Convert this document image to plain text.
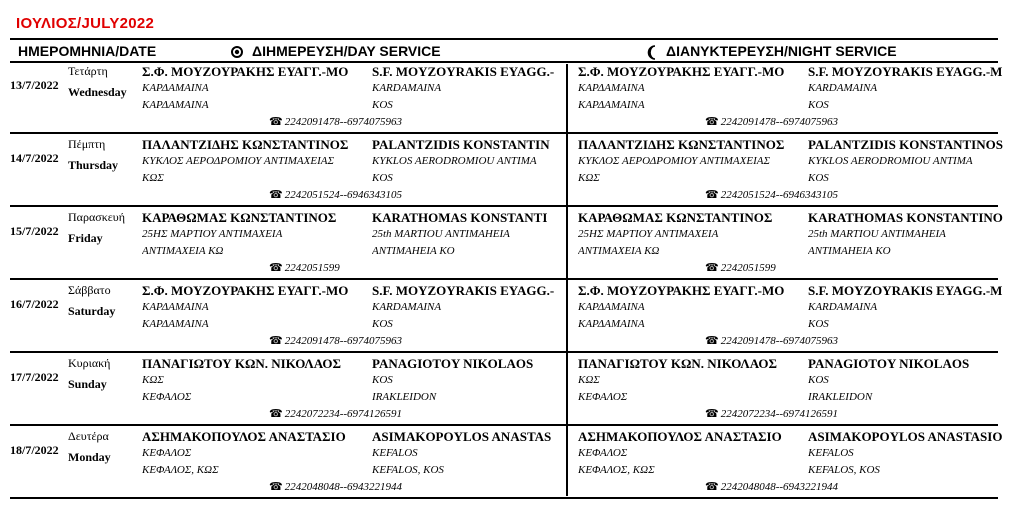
ΙΟΥΛΙΟΣ/JULY2022
ΗΜΕΡΟΜΗΝΙΑ/DATE	ΔΙΗΜΕΡΕΥΣΗ/DAY SERVICE	ΔΙΑΝΥΚΤΕΡΕΥΣΗ/NIGHT SERVICE
13/7/2022
Τετάρτη
Wednesday
Σ.Φ. ΜΟΥΖΟΥΡΑΚΗΣ ΕΥΑΓΓ.-ΜΟ
ΚΑΡΔΑΜΑΙΝΑ
ΚΑΡΔΑΜΑΙΝΑ
S.F. MOYZOYRAKIS EYAGG.-
KARDAMAINA
KOS
☎ 2242091478--6974075963
Σ.Φ. ΜΟΥΖΟΥΡΑΚΗΣ ΕΥΑΓΓ.-ΜΟ
ΚΑΡΔΑΜΑΙΝΑ
ΚΑΡΔΑΜΑΙΝΑ
S.F. MOYZOYRAKIS EYAGG.-M
KARDAMAINA
KOS
☎ 2242091478--6974075963
14/7/2022
Πέμπτη
Thursday
ΠΑΛΑΝΤΖΙΔΗΣ ΚΩΝΣΤΑΝΤΙΝΟΣ
ΚΥΚΛΟΣ ΑΕΡΟΔΡΟΜΙΟΥ ΑΝΤΙΜΑΧΕΙΑΣ
ΚΩΣ
PALANTZIDIS KONSTANTIN
KYKLOS AERODROMIOU ANTIMA
KOS
☎ 2242051524--6946343105
ΠΑΛΑΝΤΖΙΔΗΣ ΚΩΝΣΤΑΝΤΙΝΟΣ
ΚΥΚΛΟΣ ΑΕΡΟΔΡΟΜΙΟΥ ΑΝΤΙΜΑΧΕΙΑΣ
ΚΩΣ
PALANTZIDIS KONSTANTINOS
KYKLOS AERODROMIOU ANTIMA
KOS
☎ 2242051524--6946343105
15/7/2022
Παρασκευή
Friday
ΚΑΡΑΘΩΜΑΣ ΚΩΝΣΤΑΝΤΙΝΟΣ
25ΗΣ ΜΑΡΤΙΟΥ ΑΝΤΙΜΑΧΕΙΑ
ΑΝΤΙΜΑΧΕΙΑ ΚΩ
KARATHOMAS KONSTANTI
25th MARTIOU ANTIMAHEIA
ANTIMAHEIA KO
☎ 2242051599
ΚΑΡΑΘΩΜΑΣ ΚΩΝΣΤΑΝΤΙΝΟΣ
25ΗΣ ΜΑΡΤΙΟΥ ΑΝΤΙΜΑΧΕΙΑ
ΑΝΤΙΜΑΧΕΙΑ ΚΩ
KARATHOMAS KONSTANTINO
25th MARTIOU ANTIMAHEIA
ANTIMAHEIA KO
☎ 2242051599
16/7/2022
Σάββατο
Saturday
Σ.Φ. ΜΟΥΖΟΥΡΑΚΗΣ ΕΥΑΓΓ.-ΜΟ
ΚΑΡΔΑΜΑΙΝΑ
ΚΑΡΔΑΜΑΙΝΑ
S.F. MOYZOYRAKIS EYAGG.-
KARDAMAINA
KOS
☎ 2242091478--6974075963
Σ.Φ. ΜΟΥΖΟΥΡΑΚΗΣ ΕΥΑΓΓ.-ΜΟ
ΚΑΡΔΑΜΑΙΝΑ
ΚΑΡΔΑΜΑΙΝΑ
S.F. MOYZOYRAKIS EYAGG.-M
KARDAMAINA
KOS
☎ 2242091478--6974075963
17/7/2022
Κυριακή
Sunday
ΠΑΝΑΓΙΩΤΟΥ ΚΩΝ. ΝΙΚΟΛΑΟΣ
ΚΩΣ
ΚΕΦΑΛΟΣ
PANAGIOTOY NIKOLAOS
KOS
IRAKLEIDON
☎ 2242072234--6974126591
ΠΑΝΑΓΙΩΤΟΥ ΚΩΝ. ΝΙΚΟΛΑΟΣ
ΚΩΣ
ΚΕΦΑΛΟΣ
PANAGIOTOY NIKOLAOS
KOS
IRAKLEIDON
☎ 2242072234--6974126591
18/7/2022
Δευτέρα
Monday
ΑΣΗΜΑΚΟΠΟΥΛΟΣ ΑΝΑΣΤΑΣΙΟ
ΚΕΦΑΛΟΣ
ΚΕΦΑΛΟΣ, ΚΩΣ
ASIMAKOPOYLOS ANASTAS
KEFALOS
KEFALOS, KOS
☎ 2242048048--6943221944
ΑΣΗΜΑΚΟΠΟΥΛΟΣ ΑΝΑΣΤΑΣΙΟ
ΚΕΦΑΛΟΣ
ΚΕΦΑΛΟΣ, ΚΩΣ
ASIMAKOPOYLOS ANASTASIO
KEFALOS
KEFALOS, KOS
☎ 2242048048--6943221944
